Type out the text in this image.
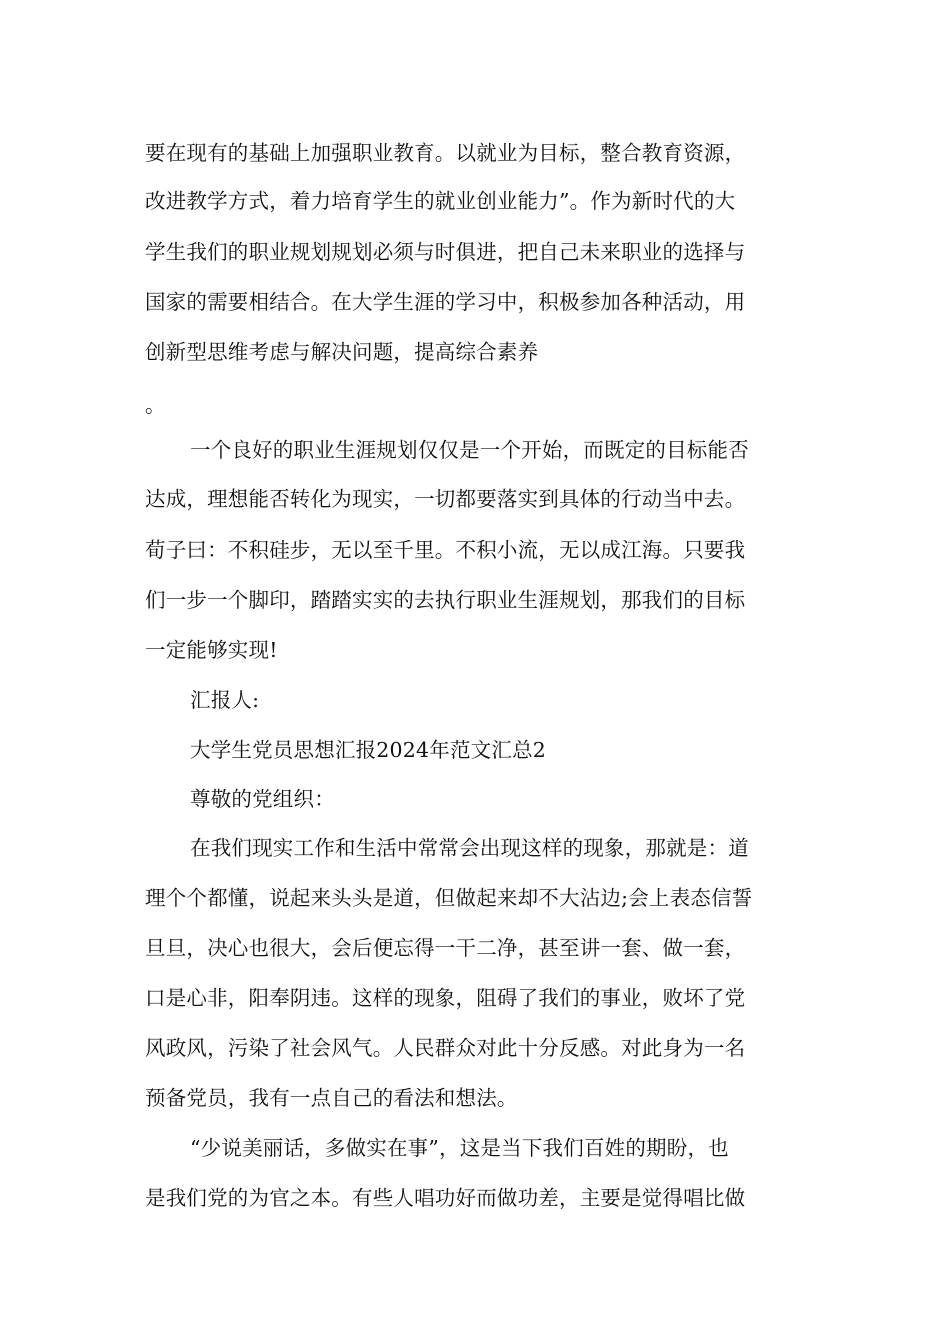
要在现有的基础上加强职业教育。以就业为目标，整合教育资源，
改进教学方式，着力培育学生的就业创业能力”。作为新时代的大
学生我们的职业规划规划必须与时俱进，把自己未来职业的选择与
国家的需要相结合。在大学生涯的学习中，积极参加各种活动，用
创新型思维考虑与解决问题，提高综合素养
。
一个良好的职业生涯规划仅仅是一个开始，而既定的目标能否
达成，理想能否转化为现实，一切都要落实到具体的行动当中去。
荀子曰：不积硅步，无以至千里。不积小流，无以成江海。只要我
们一步一个脚印，踏踏实实的去执行职业生涯规划，那我们的目标
一定能够实现!
汇报人:
大学生党员思想汇报2024年范文汇总2
尊敬的党组织：
在我们现实工作和生活中常常会出现这样的现象，那就是：道
理个个都懂，说起来头头是道，但做起来却不大沾边;会上表态信誓
旦旦，决心也很大，会后便忘得一干二净，甚至讲一套、做一套，
口是心非，阳奉阴违。这样的现象，阻碍了我们的事业，败坏了党
风政风，污染了社会风气。人民群众对此十分反感。对此身为一名
预备党员，我有一点自己的看法和想法。
“少说美丽话，多做实在事”，这是当下我们百姓的期盼，也
是我们党的为官之本。有些人唱功好而做功差，主要是觉得唱比做
